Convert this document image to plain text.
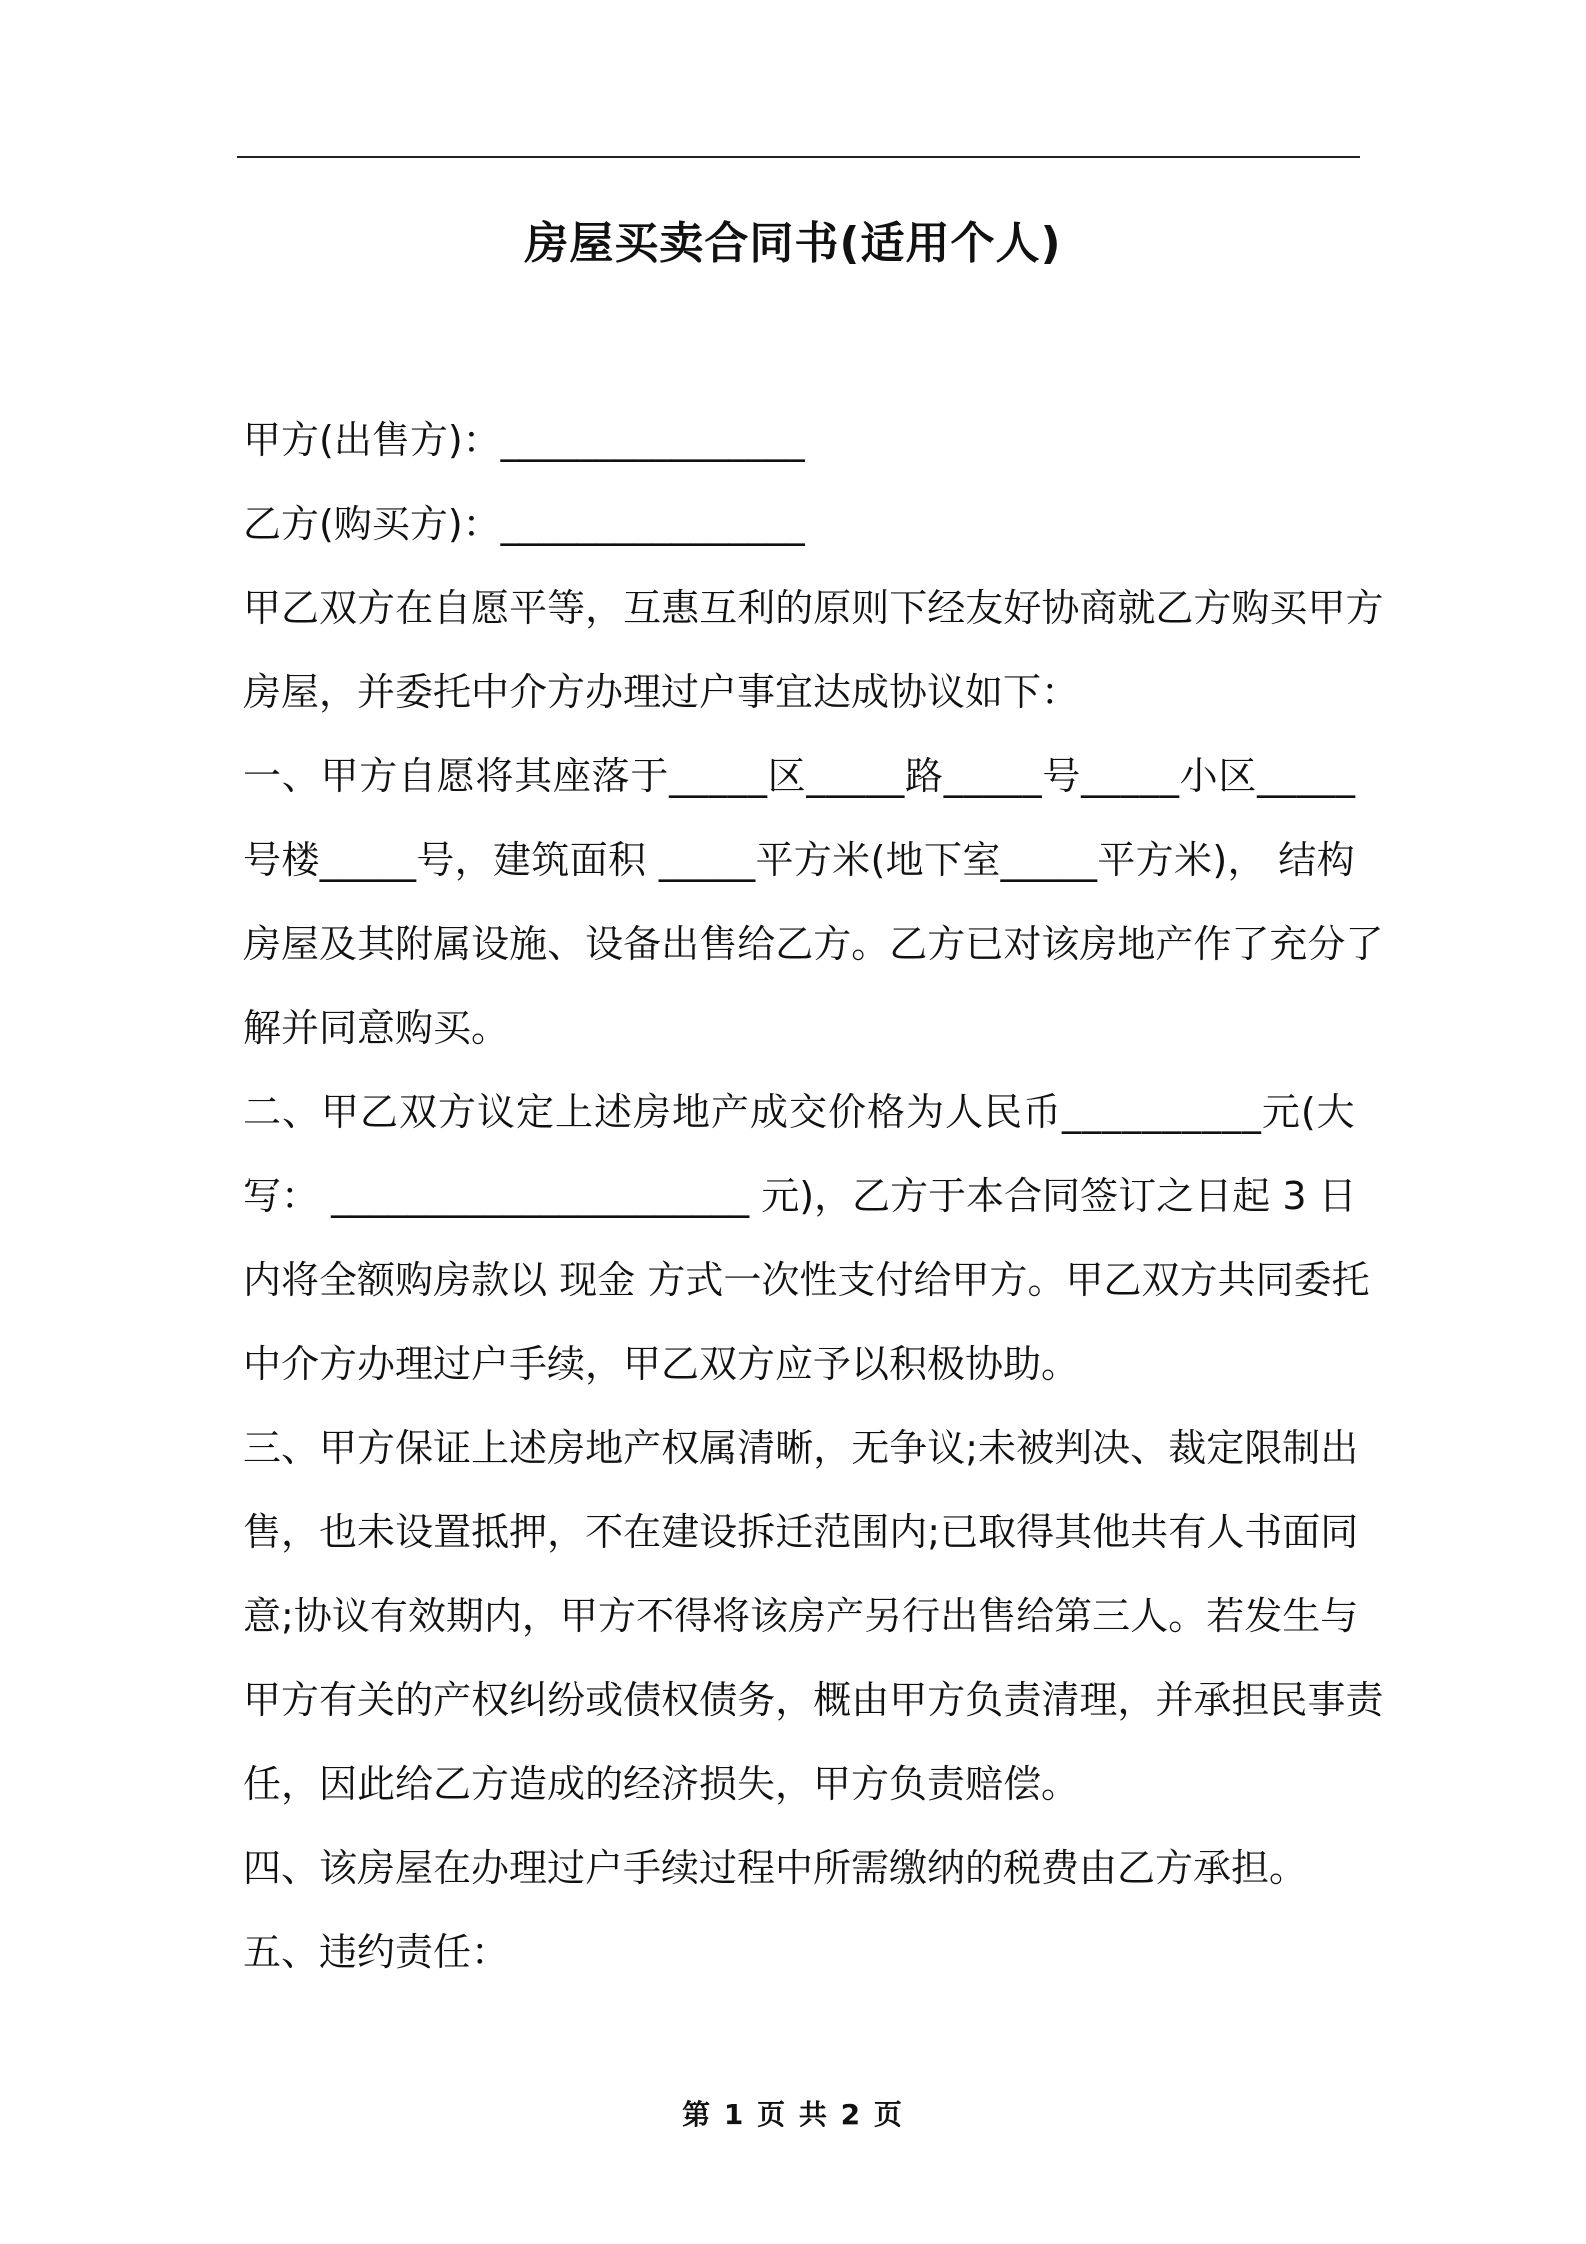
房屋买卖合同书(适用个人)
甲方(出售方)：________________
乙方(购买方)：________________
甲 乙 双 方 在 自 愿 平 等 ， 互 惠 互 利 的 原 则 下 经 友 好 协 商 就 乙 方 购 买 甲 方
房屋，并委托中介方办理过户事宜达成协议如下：
一 、 甲 方 自 愿 将 其 座 落 于 _ _ _ _ _ 区 _ _ _ _ _ 路 _ _ _ _ _ 号 _ _ _ _ _ 小 区 _ _ _ _ _
号 楼 _ _ _ _ _ 号 ， 建 筑 面 积
_ _ _ _ _ 平 方 米 ( 地 下 室 _ _ _ _ _ 平 方 米 ) ，
结 构
房 屋 及 其 附 属 设 施 、 设 备 出 售 给 乙 方 。 乙 方 已 对 该 房 地 产 作 了 充 分 了
解并同意购买。
二 、 甲 乙 双 方 议 定 上 述 房 地 产 成 交 价 格 为 人 民 币 _ _ _ _ _ _ _ _ _ _ 元 ( 大
写 ：
_ _ _ _ _ _ _ _ _ _ _ _ _ _ _ _ _ _ _ _ _ _
元 ) ， 乙 方 于 本 合 同 签 订 之 日 起
3
日
内 将 全 额 购 房 款 以
现 金
方 式 一 次 性 支 付 给 甲 方 。 甲 乙 双 方 共 同 委 托
中介方办理过户手续，甲乙双方应予以积极协助。
三 、 甲 方 保 证 上 述 房 地 产 权 属 清 晰 ， 无 争 议 ; 未 被 判 决 、 裁 定 限 制 出
售 ， 也 未 设 置 抵 押 ， 不 在 建 设 拆 迁 范 围 内 ; 已 取 得 其 他 共 有 人 书 面 同
意 ; 协 议 有 效 期 内 ， 甲 方 不 得 将 该 房 产 另 行 出 售 给 第 三 人 。 若 发 生 与
甲 方 有 关 的 产 权 纠 纷 或 债 权 债 务 ， 概 由 甲 方 负 责 清 理 ， 并 承 担 民 事 责
任，因此给乙方造成的经济损失，甲方负责赔偿。
四、该房屋在办理过户手续过程中所需缴纳的税费由乙方承担。
五、违约责任：
第 1 页 共 2 页
